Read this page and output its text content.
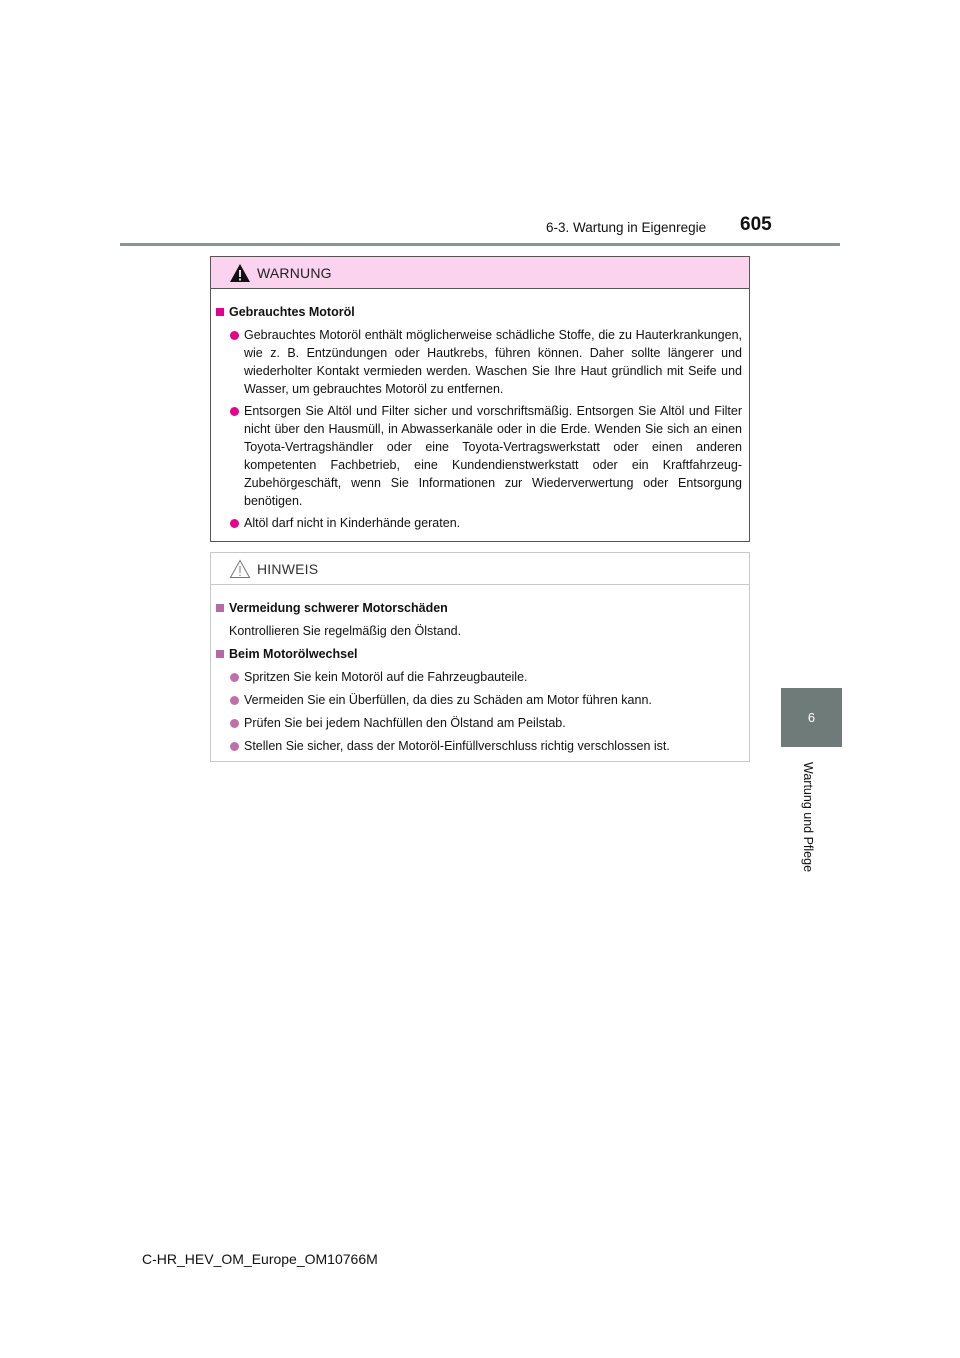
6-3. Wartung in Eigenregie 605
6
Wartung und Pflege
WARNUNG
Gebrauchtes Motoröl
Gebrauchtes Motoröl enthält möglicherweise schädliche Stoffe, die zu Hauterkrankungen, wie z. B. Entzündungen oder Hautkrebs, führen können. Daher sollte längerer und wiederholter Kontakt vermieden werden. Waschen Sie Ihre Haut gründlich mit Seife und Wasser, um gebrauchtes Motoröl zu entfernen.
Entsorgen Sie Altöl und Filter sicher und vorschriftsmäßig. Entsorgen Sie Altöl und Filter nicht über den Hausmüll, in Abwasserkanäle oder in die Erde. Wenden Sie sich an einen Toyota-Vertragshändler oder eine Toyota-Vertragswerkstatt oder einen anderen kompetenten Fachbetrieb, eine Kundendienstwerkstatt oder ein Kraftfahrzeug-Zubehörgeschäft, wenn Sie Informationen zur Wiederverwertung oder Entsorgung benötigen.
Altöl darf nicht in Kinderhände geraten.
HINWEIS
Vermeidung schwerer Motorschäden
Kontrollieren Sie regelmäßig den Ölstand.
Beim Motorölwechsel
Spritzen Sie kein Motoröl auf die Fahrzeugbauteile.
Vermeiden Sie ein Überfüllen, da dies zu Schäden am Motor führen kann.
Prüfen Sie bei jedem Nachfüllen den Ölstand am Peilstab.
Stellen Sie sicher, dass der Motoröl-Einfüllverschluss richtig verschlossen ist.
C-HR_HEV_OM_Europe_OM10766M
